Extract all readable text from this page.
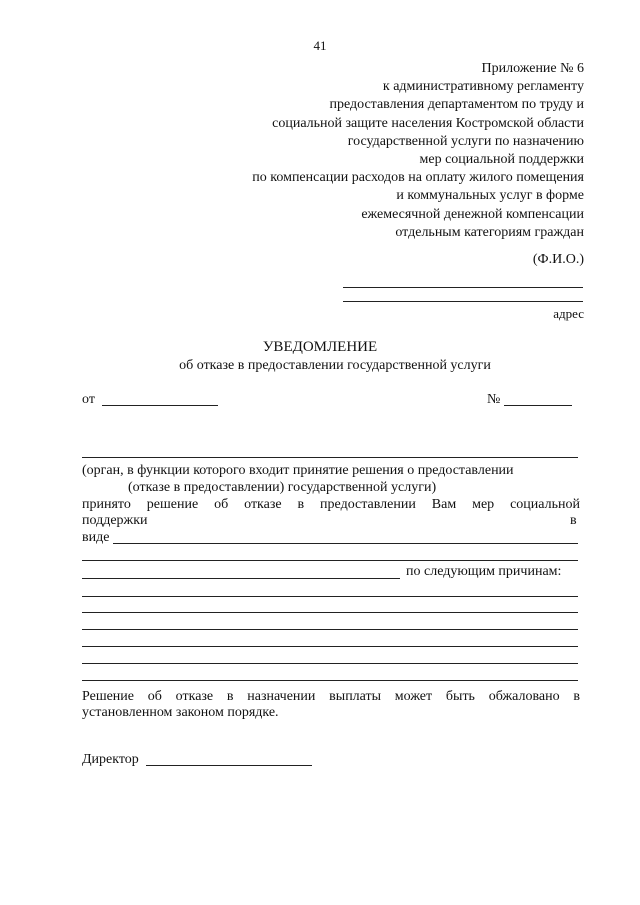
41
Приложение № 6
к административному регламенту
предоставления департаментом по труду и
социальной защите населения Костромской области
государственной услуги по назначению
мер социальной поддержки
по компенсации расходов на оплату жилого помещения
и коммунальных услуг в форме
ежемесячной денежной компенсации
отдельным категориям граждан
(Ф.И.О.)
адрес
УВЕДОМЛЕНИЕ
об отказе в предоставлении государственной услуги
от	№
(орган, в функции которого входит принятие решения о предоставлении
(отказе в предоставлении) государственной услуги)
принято решение об отказе в предоставлении Вам мер социальной
поддержки	в
виде
по следующим причинам:
Решение об отказе в назначении выплаты может быть обжаловано в
установленном законом порядке.
Директор
